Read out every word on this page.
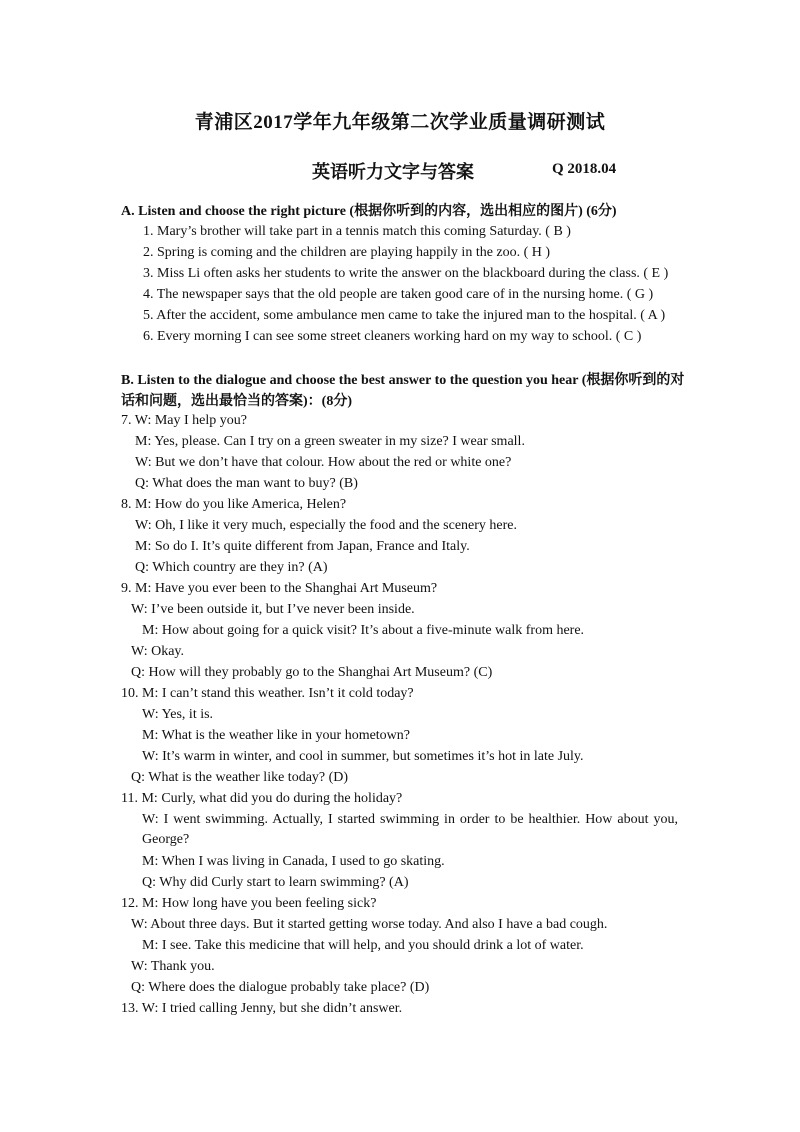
青浦区2017学年九年级第二次学业质量调研测试
英语听力文字与答案	Q 2018.04
A. Listen and choose the right picture (根据你听到的内容，选出相应的图片) (6分)
1. Mary’s brother will take part in a tennis match this coming Saturday. ( B )
2. Spring is coming and the children are playing happily in the zoo. ( H )
3. Miss Li often asks her students to write the answer on the blackboard during the class. ( E )
4. The newspaper says that the old people are taken good care of in the nursing home. ( G )
5. After the accident, some ambulance men came to take the injured man to the hospital. ( A )
6. Every morning I can see some street cleaners working hard on my way to school. ( C )
B. Listen to the dialogue and choose the best answer to the question you hear (根据你听到的对话和问题，选出最恰当的答案)：(8分)
7. W: May I help you?
M: Yes, please. Can I try on a green sweater in my size? I wear small.
W: But we don’t have that colour. How about the red or white one?
Q: What does the man want to buy? (B)
8. M: How do you like America, Helen?
W: Oh, I like it very much, especially the food and the scenery here.
M: So do I. It’s quite different from Japan, France and Italy.
Q: Which country are they in? (A)
9. M: Have you ever been to the Shanghai Art Museum?
W: I’ve been outside it, but I’ve never been inside.
M: How about going for a quick visit? It’s about a five-minute walk from here.
W: Okay.
Q: How will they probably go to the Shanghai Art Museum? (C)
10. M: I can’t stand this weather. Isn’t it cold today?
W: Yes, it is.
M: What is the weather like in your hometown?
W: It’s warm in winter, and cool in summer, but sometimes it’s hot in late July.
Q: What is the weather like today? (D)
11. M: Curly, what did you do during the holiday?
W: I went swimming. Actually, I started swimming in order to be healthier. How about you, George?
M: When I was living in Canada, I used to go skating.
Q: Why did Curly start to learn swimming? (A)
12. M: How long have you been feeling sick?
W: About three days. But it started getting worse today. And also I have a bad cough.
M: I see. Take this medicine that will help, and you should drink a lot of water.
W: Thank you.
Q: Where does the dialogue probably take place? (D)
13. W: I tried calling Jenny, but she didn’t answer.
